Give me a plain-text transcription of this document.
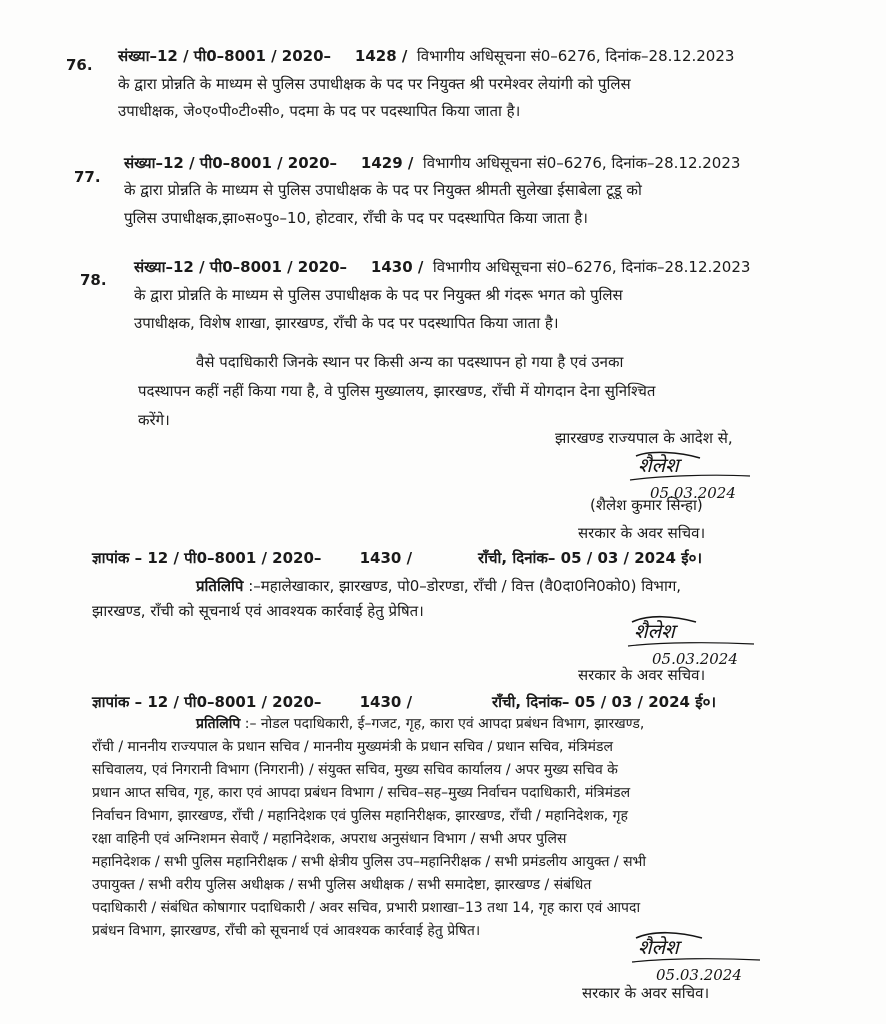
76. संख्या–12 / पी0–8001 / 2020– 1428 / विभागीय अधिसूचना सं0–6276, दिनांक–28.12.2023
के द्वारा प्रोन्नति के माध्यम से पुलिस उपाधीक्षक के पद पर नियुक्त श्री परमेश्वर लेयांगी को पुलिस
उपाधीक्षक, जे०ए०पी०टी०सी०, पदमा के पद पर पदस्थापित किया जाता है।
77.
संख्या–12 / पी0–8001 / 2020– 1429 / विभागीय अधिसूचना सं0–6276, दिनांक–28.12.2023
के द्वारा प्रोन्नति के माध्यम से पुलिस उपाधीक्षक के पद पर नियुक्त श्रीमती सुलेखा ईसाबेला टूडू को
पुलिस उपाधीक्षक,झा०स०पु०–10, होटवार, राँची के पद पर पदस्थापित किया जाता है।
78.
संख्या–12 / पी0–8001 / 2020– 1430 / विभागीय अधिसूचना सं0–6276, दिनांक–28.12.2023
के द्वारा प्रोन्नति के माध्यम से पुलिस उपाधीक्षक के पद पर नियुक्त श्री गंदरू भगत को पुलिस
उपाधीक्षक, विशेष शाखा, झारखण्ड, राँची के पद पर पदस्थापित किया जाता है।
वैसे पदाधिकारी जिनके स्थान पर किसी अन्य का पदस्थापन हो गया है एवं उनका
पदस्थापन कहीं नहीं किया गया है, वे पुलिस मुख्यालय, झारखण्ड, राँची में योगदान देना सुनिश्चित
करेंगे।
झारखण्ड राज्यपाल के आदेश से,
शैलेश
05.03.2024
(शैलेश कुमार सिन्हा)
सरकार के अवर सचिव।
ज्ञापांक – 12 / पी0–8001 / 2020–	1430 /	राँची, दिनांक– 05 / 03 / 2024 ई०।
प्रतिलिपि :–महालेखाकार, झारखण्ड, पो0–डोरण्डा, राँची / वित्त (वै0दा0नि0को0) विभाग,
झारखण्ड, राँची को सूचनार्थ एवं आवश्यक कार्रवाई हेतु प्रेषित।
शैलेश
05.03.2024
सरकार के अवर सचिव।
ज्ञापांक – 12 / पी0–8001 / 2020–	1430 /	राँची, दिनांक– 05 / 03 / 2024 ई०।
प्रतिलिपि :– नोडल पदाधिकारी, ई–गजट, गृह, कारा एवं आपदा प्रबंधन विभाग, झारखण्ड,
राँची / माननीय राज्यपाल के प्रधान सचिव / माननीय मुख्यमंत्री के प्रधान सचिव / प्रधान सचिव, मंत्रिमंडल
सचिवालय, एवं निगरानी विभाग (निगरानी) / संयुक्त सचिव, मुख्य सचिव कार्यालय / अपर मुख्य सचिव के
प्रधान आप्त सचिव, गृह, कारा एवं आपदा प्रबंधन विभाग / सचिव–सह–मुख्य निर्वाचन पदाधिकारी, मंत्रिमंडल
निर्वाचन विभाग, झारखण्ड, राँची / महानिदेशक एवं पुलिस महानिरीक्षक, झारखण्ड, राँची / महानिदेशक, गृह
रक्षा वाहिनी एवं अग्निशमन सेवाएँ / महानिदेशक, अपराध अनुसंधान विभाग / सभी अपर पुलिस
महानिदेशक / सभी पुलिस महानिरीक्षक / सभी क्षेत्रीय पुलिस उप–महानिरीक्षक / सभी प्रमंडलीय आयुक्त / सभी
उपायुक्त / सभी वरीय पुलिस अधीक्षक / सभी पुलिस अधीक्षक / सभी समादेष्टा, झारखण्ड / संबंधित
पदाधिकारी / संबंधित कोषागार पदाधिकारी / अवर सचिव, प्रभारी प्रशाखा–13 तथा 14, गृह कारा एवं आपदा
प्रबंधन विभाग, झारखण्ड, राँची को सूचनार्थ एवं आवश्यक कार्रवाई हेतु प्रेषित।
शैलेश
05.03.2024
सरकार के अवर सचिव।
